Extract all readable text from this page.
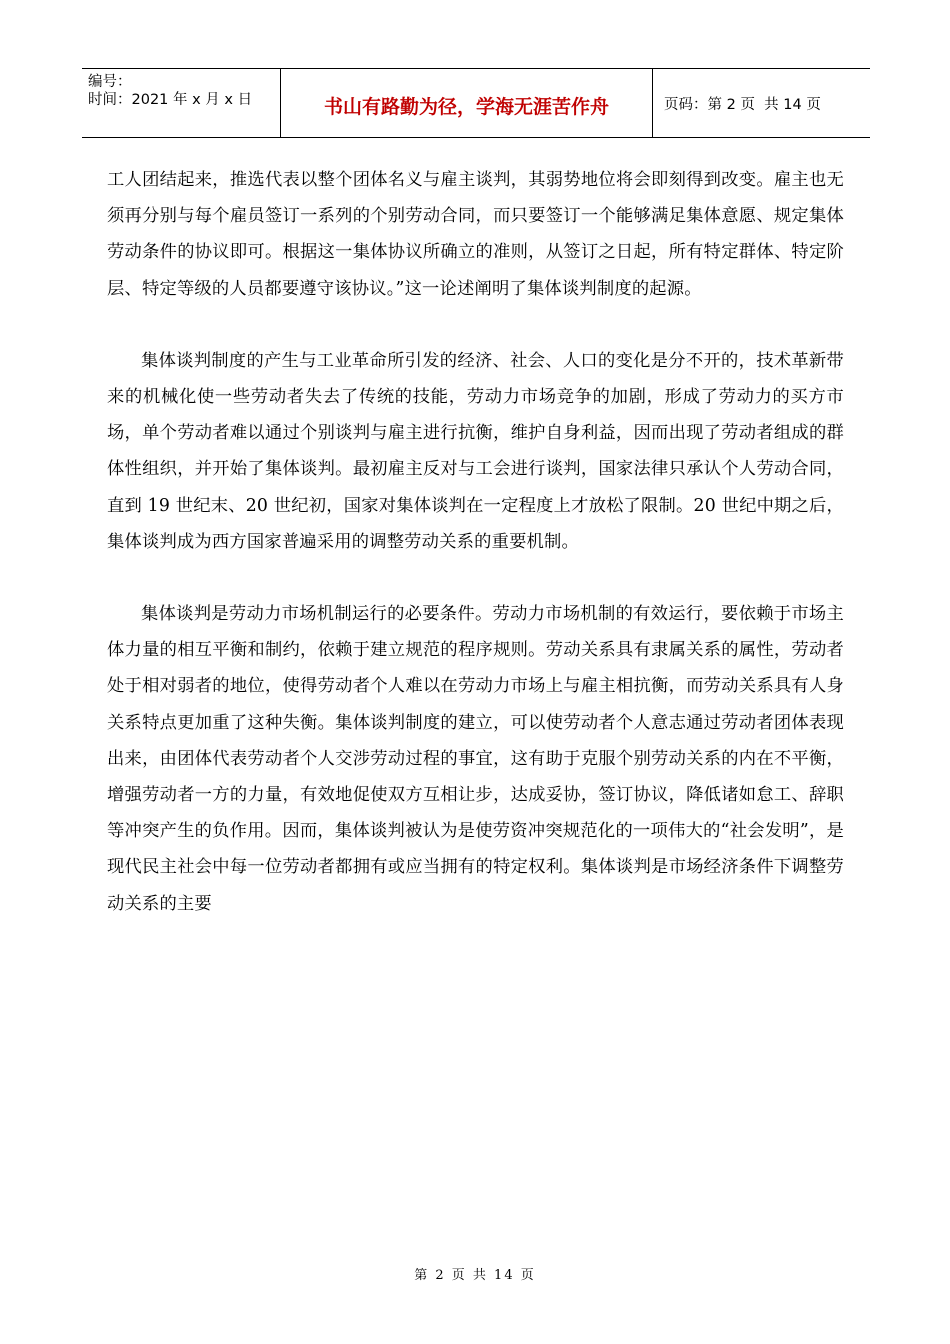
编号：
时间：2021 年 x 月 x 日	书山有路勤为径，学海无涯苦作舟	页码：第 2 页  共 14 页

工人团结起来，推选代表以整个团体名义与雇主谈判，其弱势地位将会即刻得到改变。雇主也无须再分别与每个雇员签订一系列的个别劳动合同，而只要签订一个能够满足集体意愿、规定集体劳动条件的协议即可。根据这一集体协议所确立的准则，从签订之日起，所有特定群体、特定阶层、特定等级的人员都要遵守该协议。”这一论述阐明了集体谈判制度的起源。

集体谈判制度的产生与工业革命所引发的经济、社会、人口的变化是分不开的，技术革新带来的机械化使一些劳动者失去了传统的技能，劳动力市场竞争的加剧，形成了劳动力的买方市场，单个劳动者难以通过个别谈判与雇主进行抗衡，维护自身利益，因而出现了劳动者组成的群体性组织，并开始了集体谈判。最初雇主反对与工会进行谈判，国家法律只承认个人劳动合同，直到 19 世纪末、20 世纪初，国家对集体谈判在一定程度上才放松了限制。20 世纪中期之后，集体谈判成为西方国家普遍采用的调整劳动关系的重要机制。

集体谈判是劳动力市场机制运行的必要条件。劳动力市场机制的有效运行，要依赖于市场主体力量的相互平衡和制约，依赖于建立规范的程序规则。劳动关系具有隶属关系的属性，劳动者处于相对弱者的地位，使得劳动者个人难以在劳动力市场上与雇主相抗衡，而劳动关系具有人身关系特点更加重了这种失衡。集体谈判制度的建立，可以使劳动者个人意志通过劳动者团体表现出来，由团体代表劳动者个人交涉劳动过程的事宜，这有助于克服个别劳动关系的内在不平衡，增强劳动者一方的力量，有效地促使双方互相让步，达成妥协，签订协议，降低诸如怠工、辞职等冲突产生的负作用。因而，集体谈判被认为是使劳资冲突规范化的一项伟大的“社会发明”，是现代民主社会中每一位劳动者都拥有或应当拥有的特定权利。集体谈判是市场经济条件下调整劳动关系的主要

第 2 页 共 14 页
